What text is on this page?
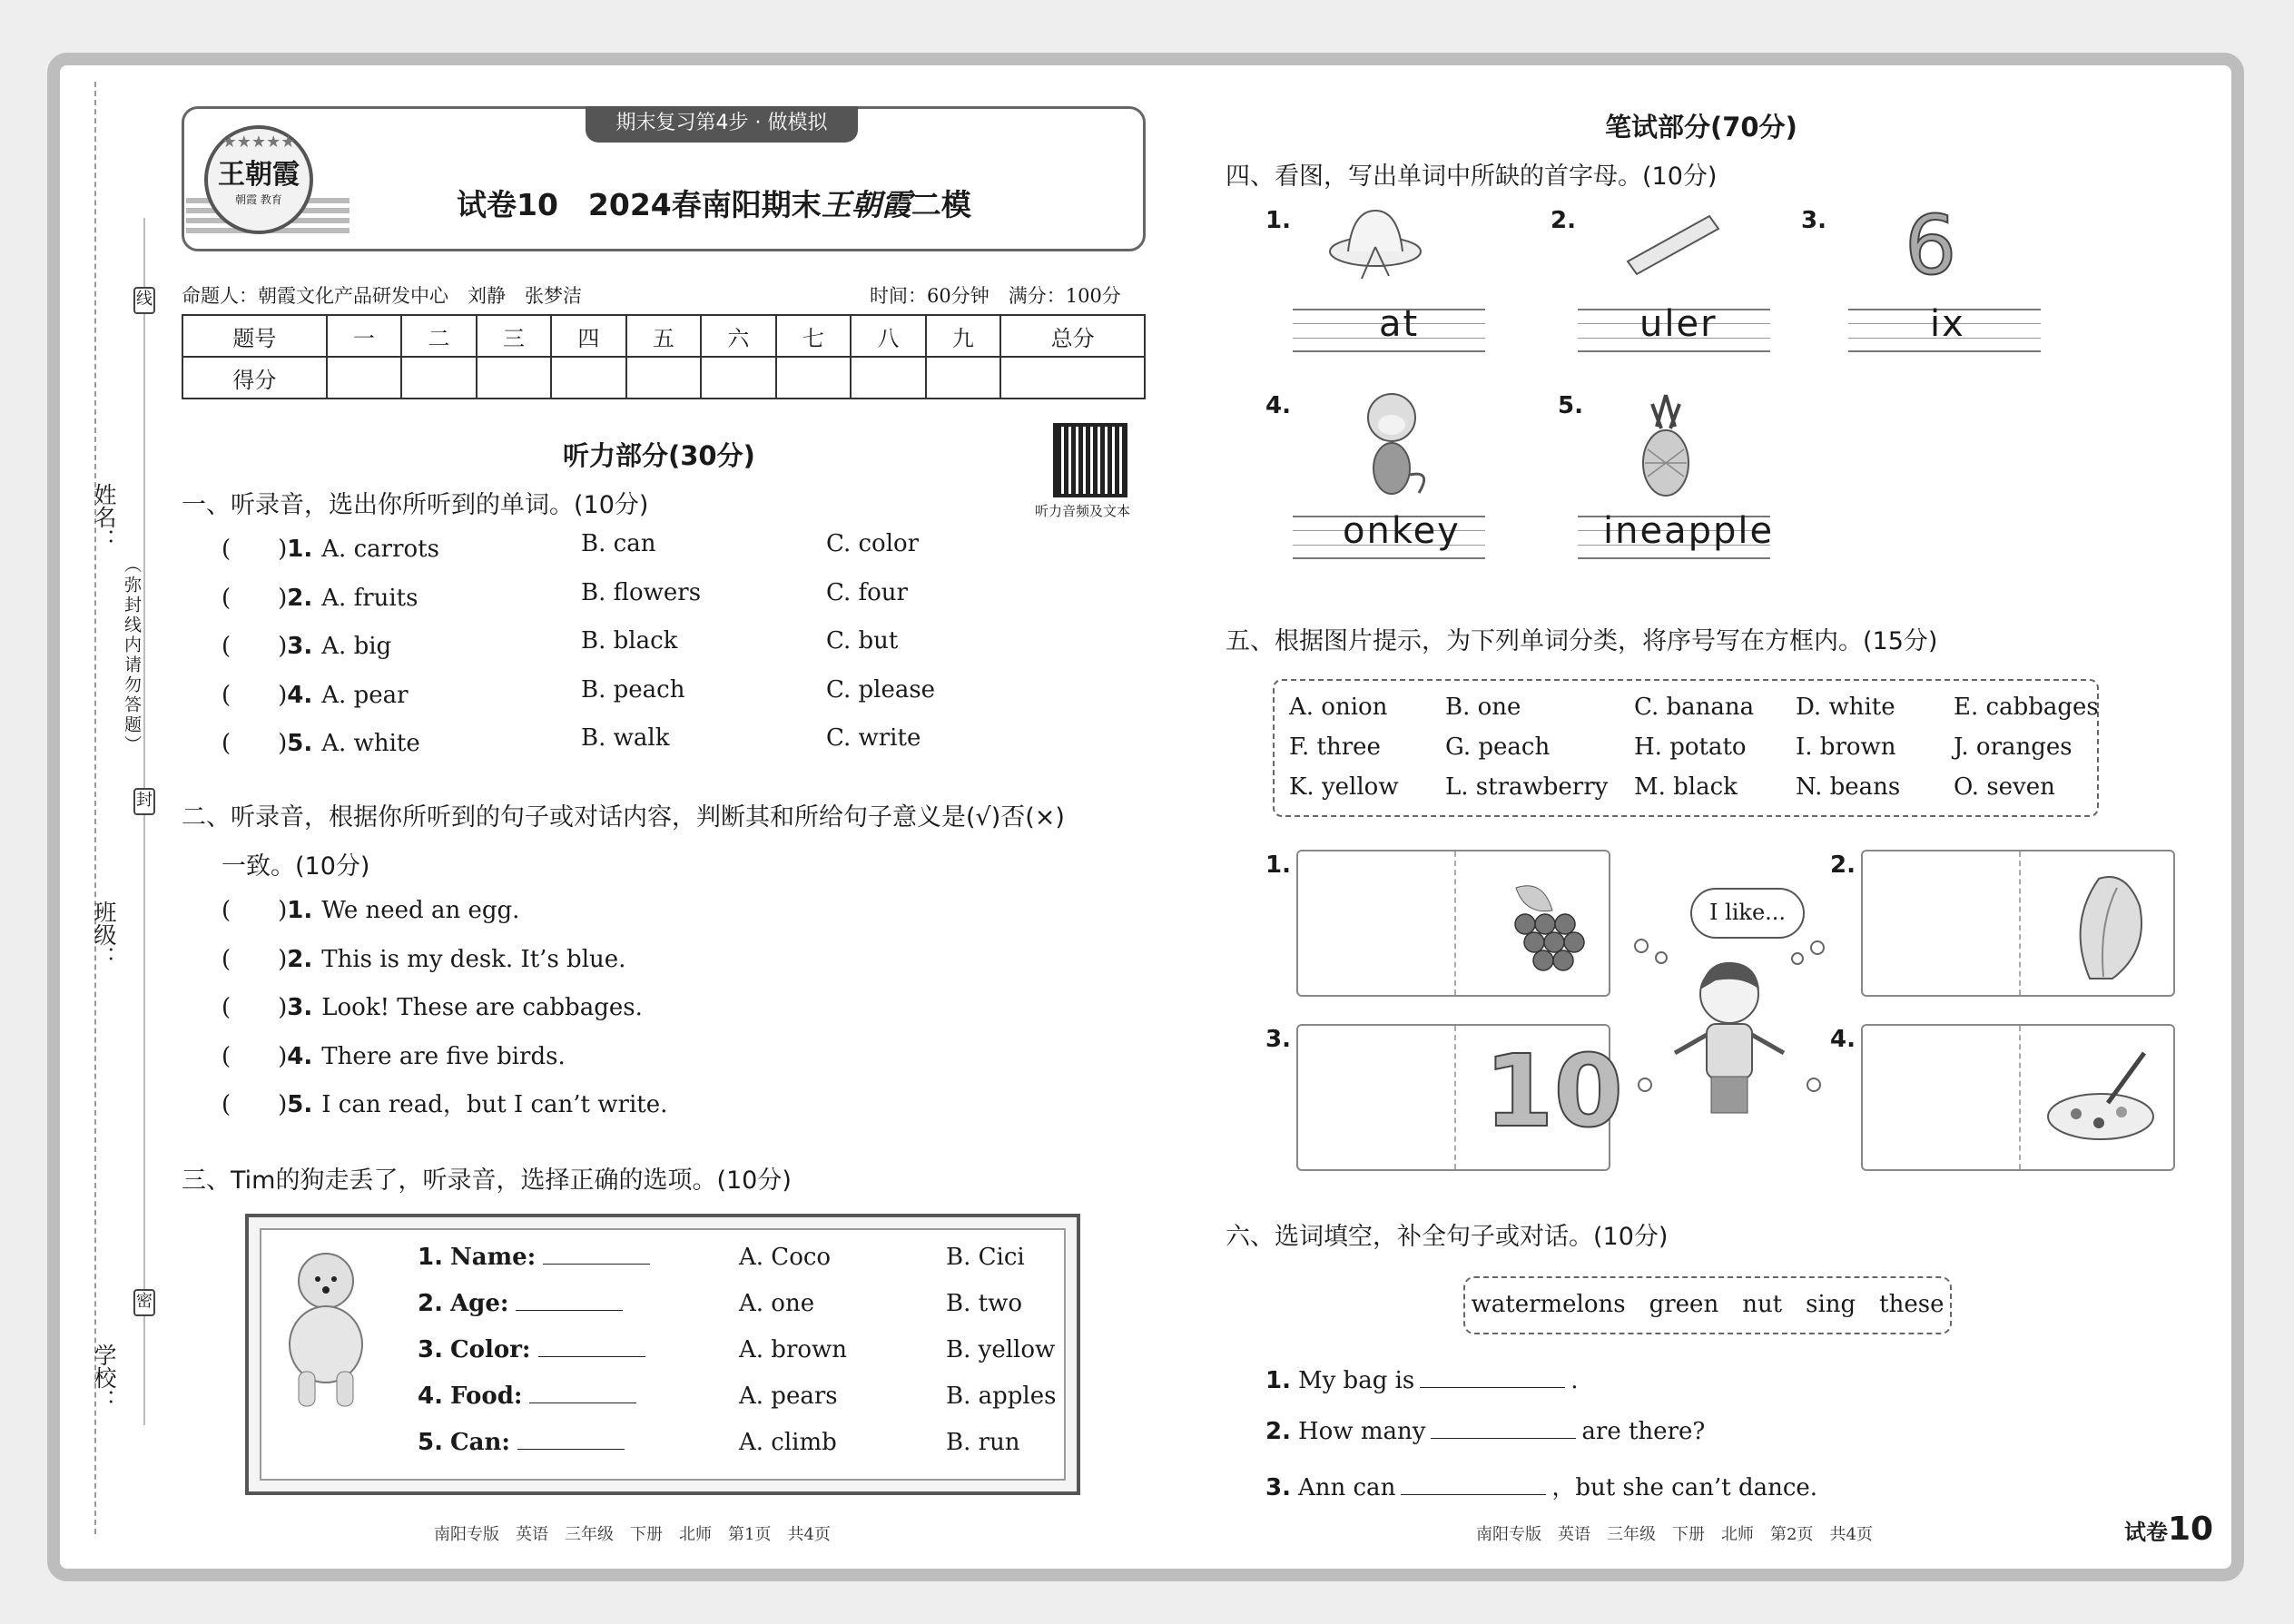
线
封
密
姓名：
班级：
学校：
（弥封线内请勿答题）
★★★★★
王朝霞
朝霞 教育
期末复习第4步 · 做模拟
试卷10　2024春南阳期末王朝霞二模
命题人：朝霞文化产品研发中心　刘静　张梦洁	时间：60分钟　满分：100分
题号	一	二	三	四	五	六	七	八	九	总分
得分										
听力部分(30分)
听力音频及文本
一、听录音，选出你所听到的单词。(10分)
(　　)1. A. carrots	B. can	C. color
(　　)2. A. fruits	B. flowers	C. four
(　　)3. A. big	B. black	C. but
(　　)4. A. pear	B. peach	C. please
(　　)5. A. white	B. walk	C. write
二、听录音，根据你所听到的句子或对话内容，判断其和所给句子意义是(√)否(×)
一致。(10分)
(　　)1. We need an egg.
(　　)2. This is my desk. It’s blue.
(　　)3. Look! These are cabbages.
(　　)4. There are five birds.
(　　)5. I can read，but I can’t write.
三、Tim的狗走丢了，听录音，选择正确的选项。(10分)
1. Name:	A. Coco	B. Cici
2. Age:	A. one	B. two
3. Color:	A. brown	B. yellow
4. Food:	A. pears	B. apples
5. Can:	A. climb	B. run
笔试部分(70分)
四、看图，写出单词中所缺的首字母。(10分)
6
1.
at
2.
uler
3.
ix
4.
onkey
5.
ineapple
五、根据图片提示，为下列单词分类，将序号写在方框内。(15分)
A. onion B. one	C. banana D. white E. cabbages
F. three	G. peach	H. potato I. brown J. oranges
K. yellow L. strawberry M. black N. beans O. seven
1.	2.
3. 10	4.
I like...
六、选词填空，补全句子或对话。(10分)
watermelons　green　nut　sing　these
1. My bag is	.
2. How many	are there?
3. Ann can	，but she can’t dance.
南阳专版　英语　三年级　下册　北师　第1页　共4页	南阳专版　英语　三年级　下册　北师　第2页　共4页	试卷10
